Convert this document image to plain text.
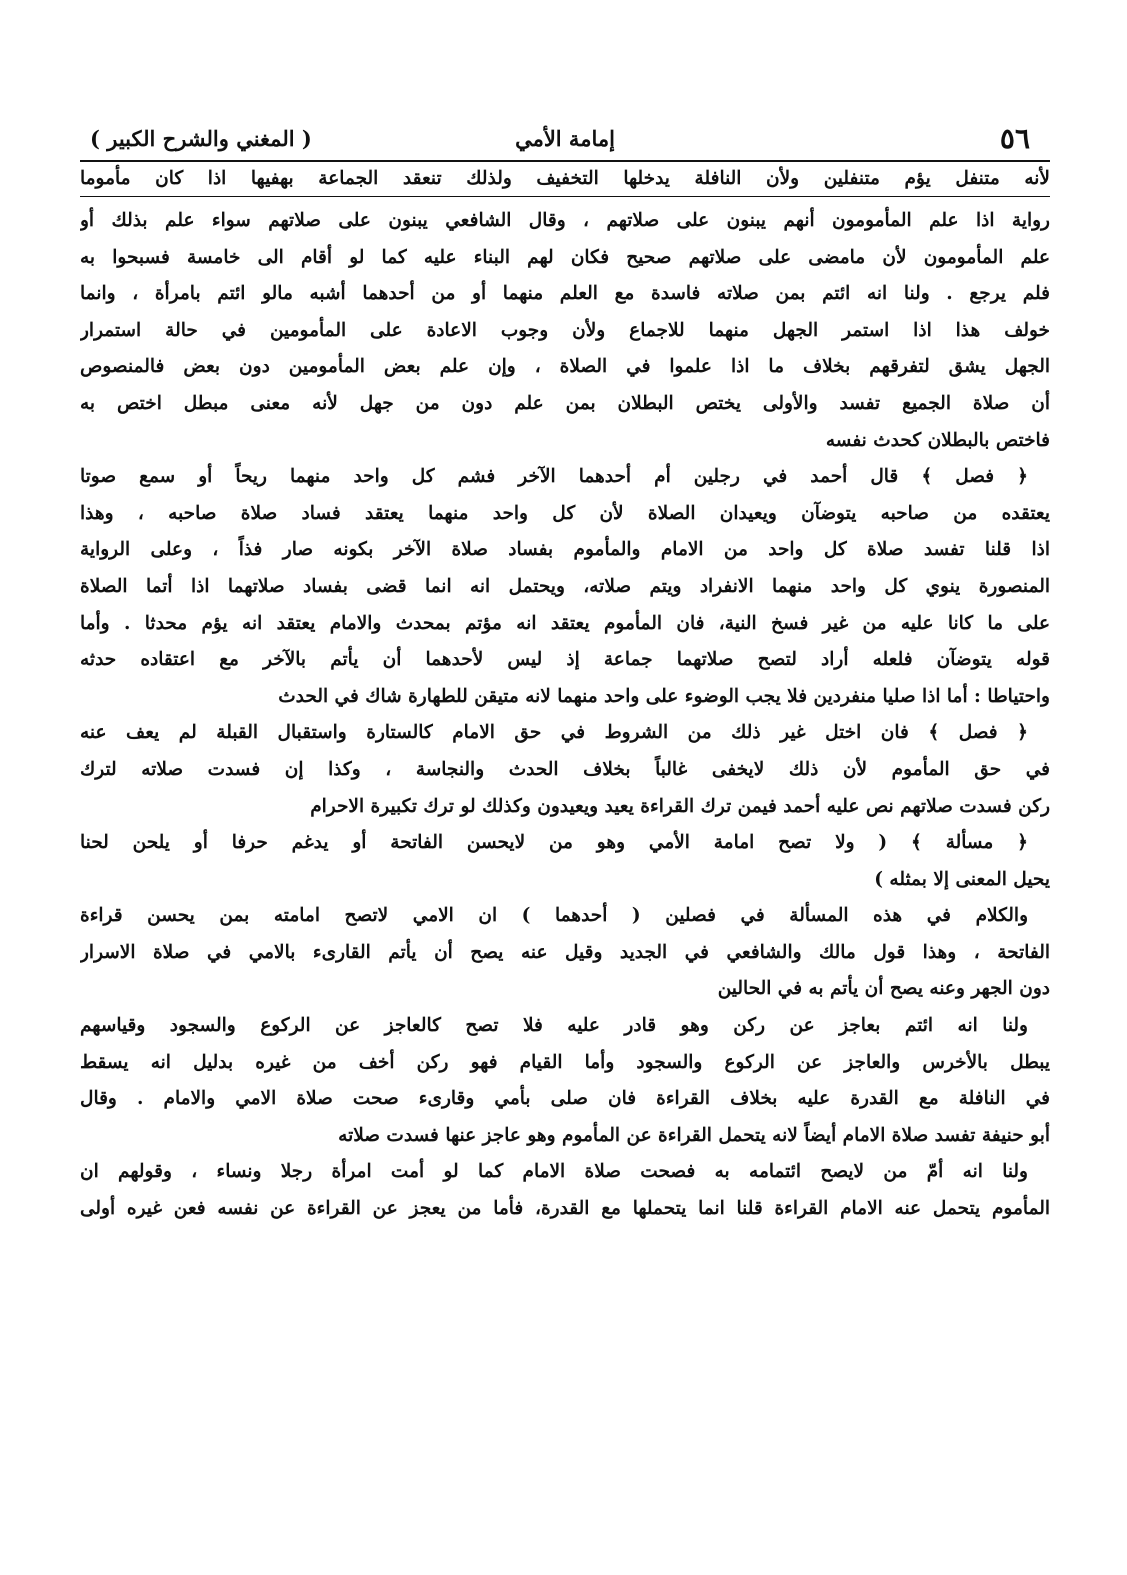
٥٦
إمامة الأمي
( المغني والشرح الكبير )
لأنه متنفل يؤم متنفلين ولأن النافلة يدخلها التخفيف ولذلك تنعقد الجماعة بهفيها اذا كان مأموما
رواية اذا علم المأمومون أنهم يبنون على صلاتهم ، وقال الشافعي يبنون على صلاتهم سواء علم بذلك أو
علم المأمومون لأن مامضى على صلاتهم صحيح فكان لهم البناء عليه كما لو أقام الى خامسة فسبحوا به
فلم يرجع . ولنا انه ائتم بمن صلاته فاسدة مع العلم منهما أو من أحدهما أشبه مالو ائتم بامرأة ، وانما
خولف هذا اذا استمر الجهل منهما للاجماع ولأن وجوب الاعادة على المأمومين في حالة استمرار
الجهل يشق لتفرقهم بخلاف ما اذا علموا في الصلاة ، وإن علم بعض المأمومين دون بعض فالمنصوص
أن صلاة الجميع تفسد والأولى يختص البطلان بمن علم دون من جهل لأنه معنى مبطل اختص به
فاختص بالبطلان كحدث نفسه
﴿ فصل ﴾ قال أحمد في رجلين أم أحدهما الآخر فشم كل واحد منهما ريحاً أو سمع صوتا
يعتقده من صاحبه يتوضآن ويعيدان الصلاة لأن كل واحد منهما يعتقد فساد صلاة صاحبه ، وهذا
اذا قلنا تفسد صلاة كل واحد من الامام والمأموم بفساد صلاة الآخر بكونه صار فذاً ، وعلى الرواية
المنصورة ينوي كل واحد منهما الانفراد ويتم صلاته، ويحتمل انه انما قضى بفساد صلاتهما اذا أتما الصلاة
على ما كانا عليه من غير فسخ النية، فان المأموم يعتقد انه مؤتم بمحدث والامام يعتقد انه يؤم محدثا . وأما
قوله يتوضآن فلعله أراد لتصح صلاتهما جماعة إذ ليس لأحدهما أن يأتم بالآخر مع اعتقاده حدثه
واحتياطا : أما اذا صليا منفردين فلا يجب الوضوء على واحد منهما لانه متيقن للطهارة شاك في الحدث
﴿ فصل ﴾ فان اختل غير ذلك من الشروط في حق الامام كالستارة واستقبال القبلة لم يعف عنه
في حق المأموم لأن ذلك لايخفى غالباً بخلاف الحدث والنجاسة ، وكذا إن فسدت صلاته لترك
ركن فسدت صلاتهم نص عليه أحمد فيمن ترك القراءة يعيد ويعيدون وكذلك لو ترك تكبيرة الاحرام
﴿ مسألة ﴾ ( ولا تصح امامة الأمي وهو من لايحسن الفاتحة أو يدغم حرفا أو يلحن لحنا
يحيل المعنى إلا بمثله )
والكلام في هذه المسألة في فصلين ( أحدهما ) ان الامي لاتصح امامته بمن يحسن قراءة
الفاتحة ، وهذا قول مالك والشافعي في الجديد وقيل عنه يصح أن يأتم القارىء بالامي في صلاة الاسرار
دون الجهر وعنه يصح أن يأتم به في الحالين
ولنا انه ائتم بعاجز عن ركن وهو قادر عليه فلا تصح كالعاجز عن الركوع والسجود وقياسهم
يبطل بالأخرس والعاجز عن الركوع والسجود وأما القيام فهو ركن أخف من غيره بدليل انه يسقط
في النافلة مع القدرة عليه بخلاف القراءة فان صلى بأمي وقارىء صحت صلاة الامي والامام . وقال
أبو حنيفة تفسد صلاة الامام أيضاً لانه يتحمل القراءة عن المأموم وهو عاجز عنها فسدت صلاته
ولنا انه أمّ من لايصح ائتمامه به فصحت صلاة الامام كما لو أمت امرأة رجلا ونساء ، وقولهم ان
المأموم يتحمل عنه الامام القراءة قلنا انما يتحملها مع القدرة، فأما من يعجز عن القراءة عن نفسه فعن غيره أولى
